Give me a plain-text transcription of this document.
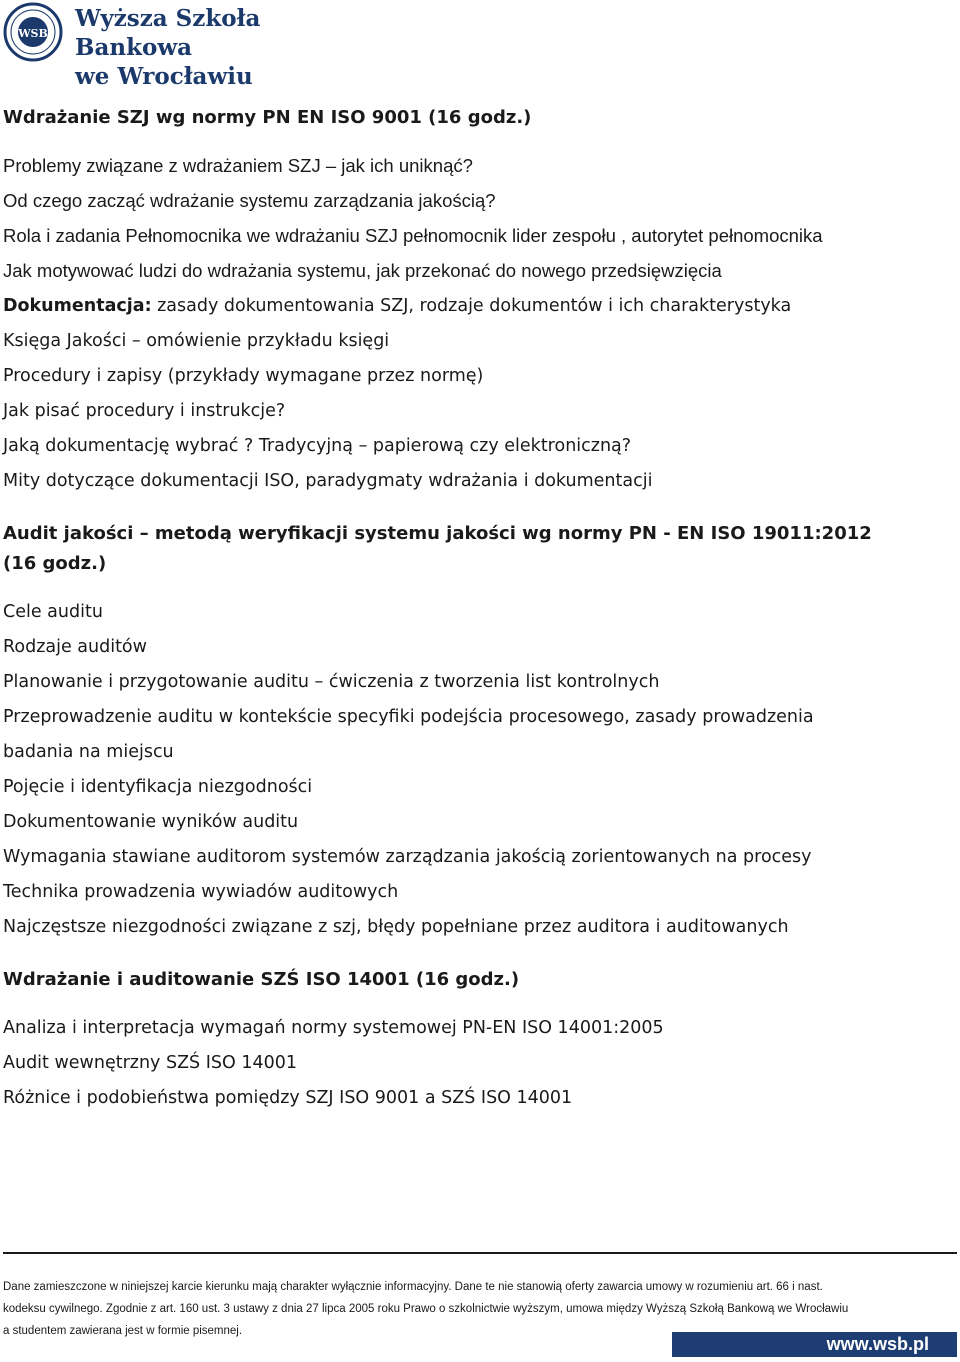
WSB
Wyższa Szkoła Bankowa
we Wrocławiu
Wdrażanie SZJ wg normy PN EN ISO 9001 (16 godz.)
Problemy związane z wdrażaniem SZJ – jak ich uniknąć?
Od czego zacząć wdrażanie systemu zarządzania jakością?
Rola i zadania Pełnomocnika we wdrażaniu SZJ pełnomocnik lider zespołu , autorytet pełnomocnika
Jak motywować ludzi do wdrażania systemu, jak przekonać do nowego przedsięwzięcia
Dokumentacja: zasady dokumentowania SZJ, rodzaje dokumentów i ich charakterystyka
Księga Jakości – omówienie przykładu księgi
Procedury i zapisy (przykłady wymagane przez normę)
Jak pisać procedury i instrukcje?
Jaką dokumentację wybrać ? Tradycyjną – papierową czy elektroniczną?
Mity dotyczące dokumentacji ISO, paradygmaty wdrażania i dokumentacji
Audit jakości – metodą weryfikacji systemu jakości wg normy PN - EN ISO 19011:2012
(16 godz.)
Cele auditu
Rodzaje auditów
Planowanie i przygotowanie auditu – ćwiczenia z tworzenia list kontrolnych
Przeprowadzenie auditu w kontekście specyfiki podejścia procesowego, zasady prowadzenia
badania na miejscu
Pojęcie i identyfikacja niezgodności
Dokumentowanie wyników auditu
Wymagania stawiane auditorom systemów zarządzania jakością zorientowanych na procesy
Technika prowadzenia wywiadów auditowych
Najczęstsze niezgodności związane z szj, błędy popełniane przez auditora i auditowanych
Wdrażanie i auditowanie SZŚ ISO 14001 (16 godz.)
Analiza i interpretacja wymagań normy systemowej PN-EN ISO 14001:2005
Audit wewnętrzny SZŚ ISO 14001
Różnice i podobieństwa pomiędzy SZJ ISO 9001 a SZŚ ISO 14001
Dane zamieszczone w niniejszej karcie kierunku mają charakter wyłącznie informacyjny. Dane te nie stanowią oferty zawarcia umowy w rozumieniu art. 66 i nast.
kodeksu cywilnego. Zgodnie z art. 160 ust. 3 ustawy z dnia 27 lipca 2005 roku Prawo o szkolnictwie wyższym, umowa między Wyższą Szkołą Bankową we Wrocławiu
a studentem zawierana jest w formie pisemnej.
www.wsb.pl
